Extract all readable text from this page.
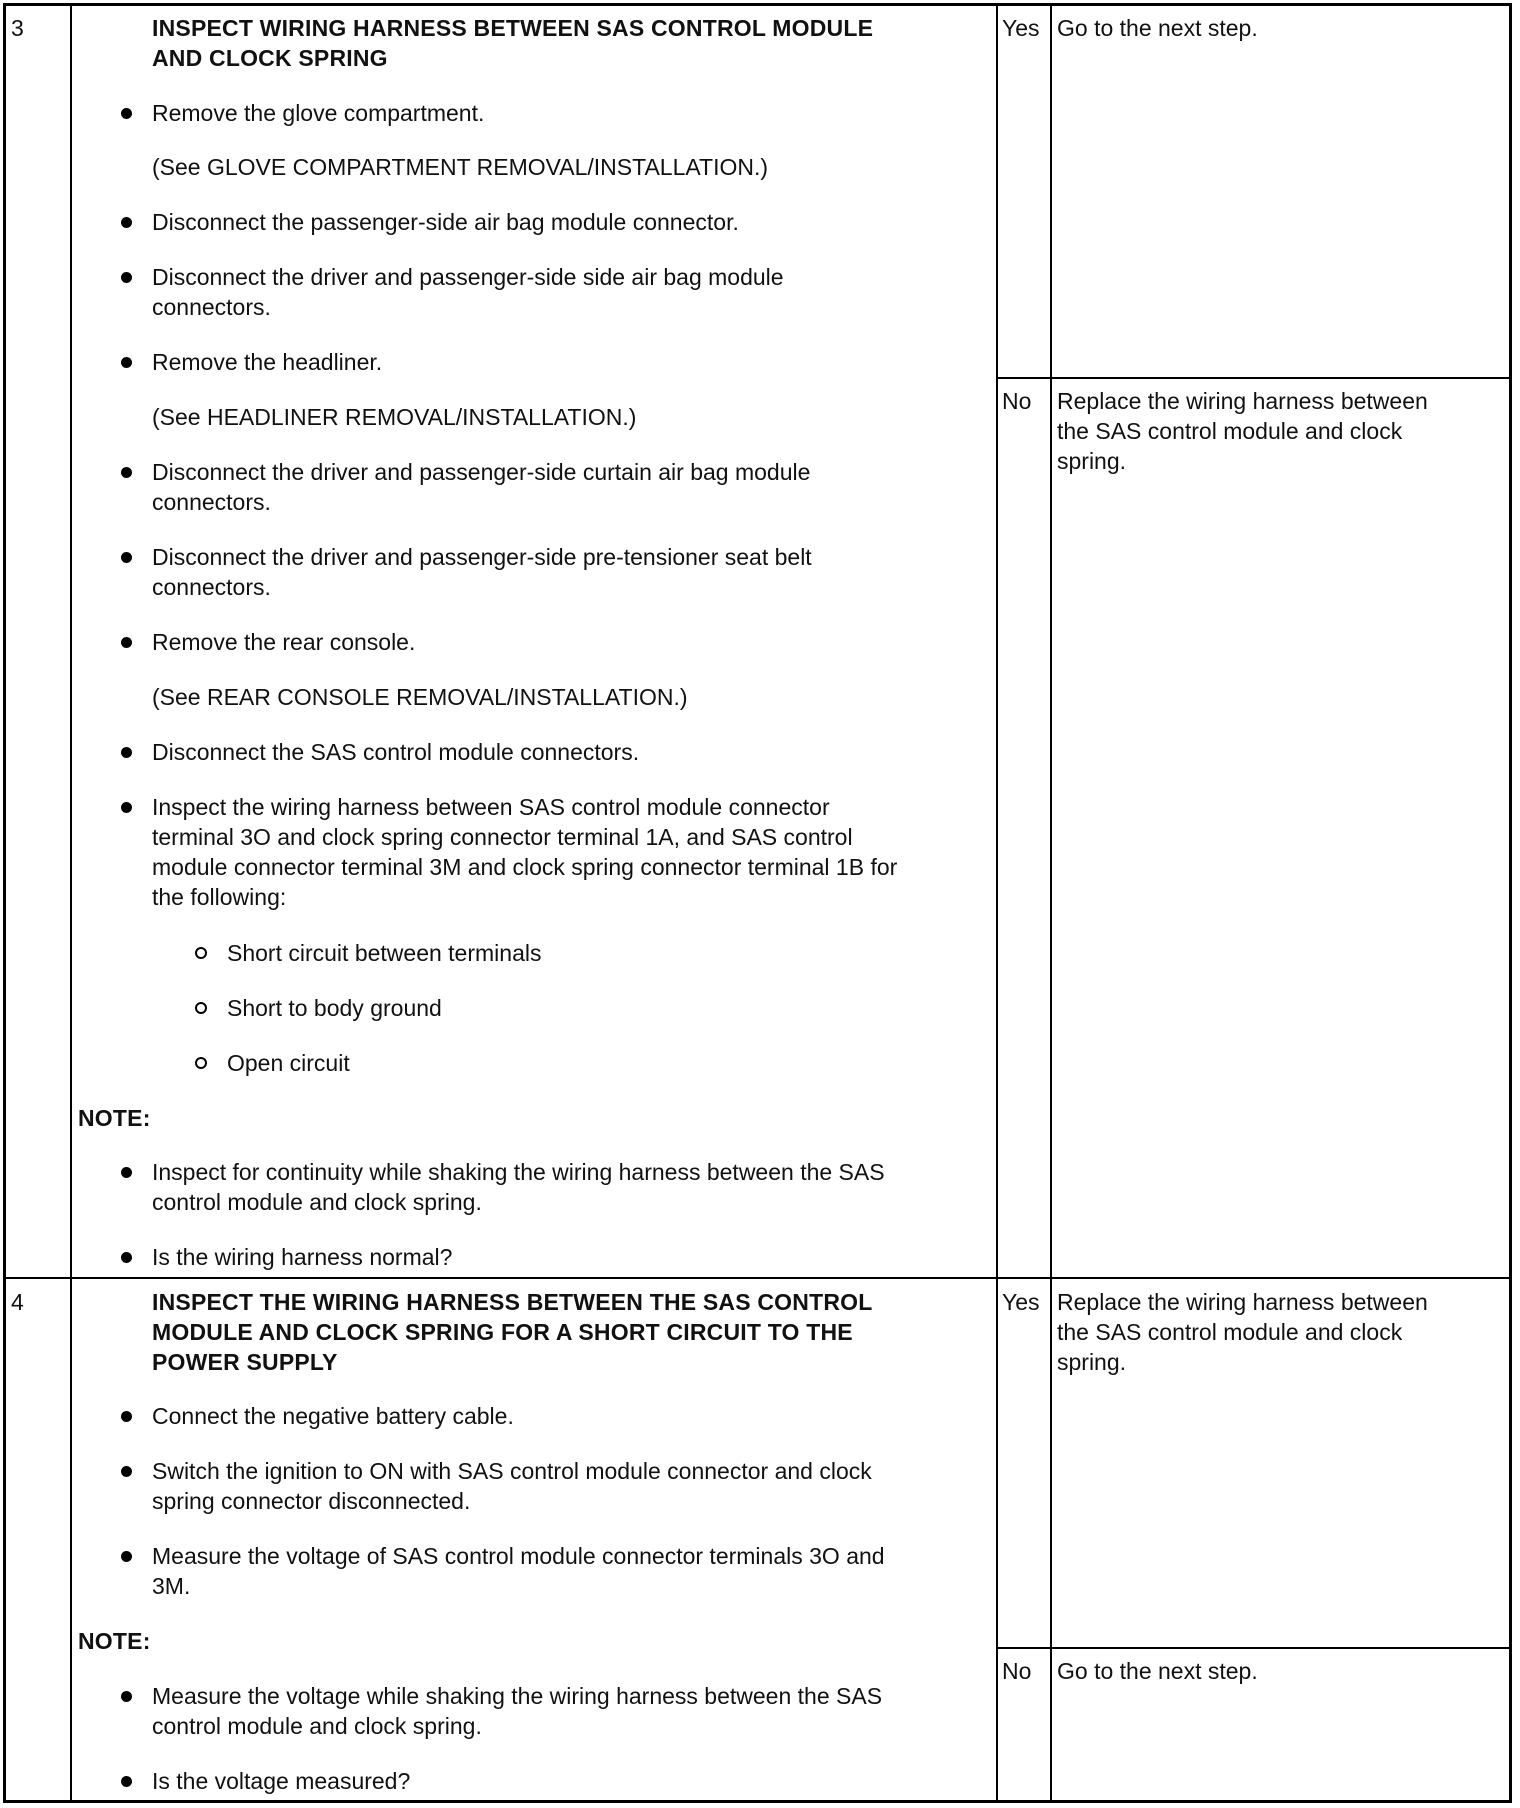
3	INSPECT WIRING HARNESS BETWEEN SAS CONTROL MODULE
AND CLOCK SPRING
Remove the glove compartment.
(See GLOVE COMPARTMENT REMOVAL/INSTALLATION.)
Disconnect the passenger-side air bag module connector.
Disconnect the driver and passenger-side side air bag module
connectors.
Remove the headliner.
(See HEADLINER REMOVAL/INSTALLATION.)
Disconnect the driver and passenger-side curtain air bag module
connectors.
Disconnect the driver and passenger-side pre-tensioner seat belt
connectors.
Remove the rear console.
(See REAR CONSOLE REMOVAL/INSTALLATION.)
Disconnect the SAS control module connectors.
Inspect the wiring harness between SAS control module connector
terminal 3O and clock spring connector terminal 1A, and SAS control
module connector terminal 3M and clock spring connector terminal 1B for
the following:
Short circuit between terminals
Short to body ground
Open circuit
NOTE:
Inspect for continuity while shaking the wiring harness between the SAS
control module and clock spring.
Is the wiring harness normal?
Yes Go to the next step.
No Replace the wiring harness between
the SAS control module and clock
spring.
4	INSPECT THE WIRING HARNESS BETWEEN THE SAS CONTROL
MODULE AND CLOCK SPRING FOR A SHORT CIRCUIT TO THE
POWER SUPPLY
Connect the negative battery cable.
Switch the ignition to ON with SAS control module connector and clock
spring connector disconnected.
Measure the voltage of SAS control module connector terminals 3O and
3M.
NOTE:
Measure the voltage while shaking the wiring harness between the SAS
control module and clock spring.
Is the voltage measured?
Yes Replace the wiring harness between
the SAS control module and clock
spring.
No Go to the next step.
